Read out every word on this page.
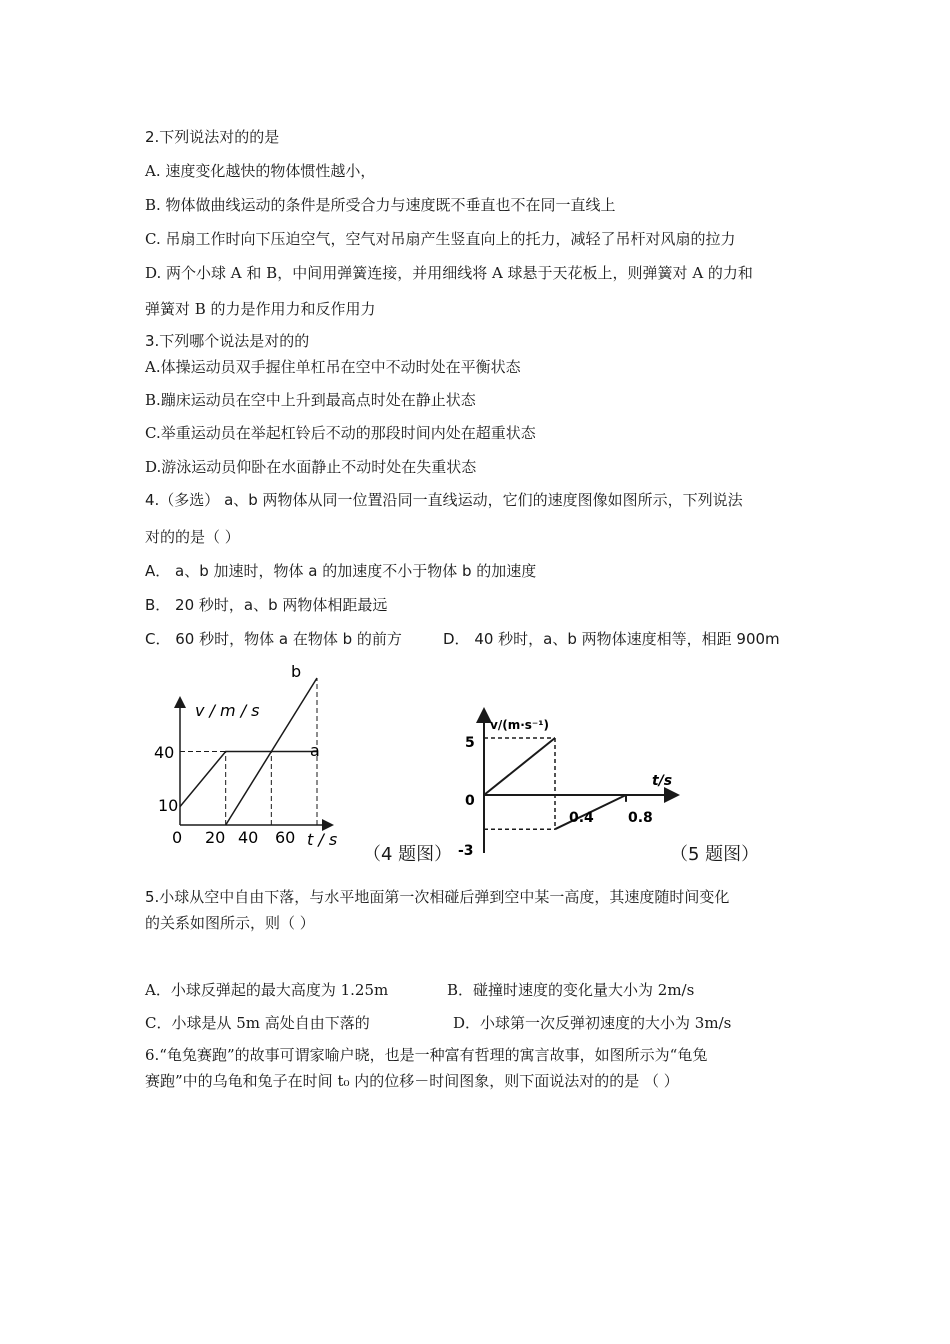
2.下列说法对的的是
A. 速度变化越快的物体惯性越小，
B. 物体做曲线运动的条件是所受合力与速度既不垂直也不在同一直线上
C. 吊扇工作时向下压迫空气，空气对吊扇产生竖直向上的托力，减轻了吊杆对风扇的拉力
D. 两个小球 A 和 B，中间用弹簧连接，并用细线将 A 球悬于天花板上，则弹簧对 A 的力和
弹簧对 B 的力是作用力和反作用力
3.下列哪个说法是对的的
A.体操运动员双手握住单杠吊在空中不动时处在平衡状态
B.蹦床运动员在空中上升到最高点时处在静止状态
C.举重运动员在举起杠铃后不动的那段时间内处在超重状态
D.游泳运动员仰卧在水面静止不动时处在失重状态
4.（多选） a、b 两物体从同一位置沿同一直线运动，它们的速度图像如图所示，下列说法
对的的是（ ）
A． a、b 加速时，物体 a 的加速度不小于物体 b 的加速度
B． 20 秒时，a、b 两物体相距最远
C． 60 秒时，物体 a 在物体 b 的前方	D． 40 秒时，a、b 两物体速度相等，相距 900m
v / m / s
t / s
a
b
40
10
0 20 40 60
（4 题图）
v/(m·s⁻¹)
t/s
5
0
-3
0.4 0.8
（5 题图）
5.小球从空中自由下落，与水平地面第一次相碰后弹到空中某一高度，其速度随时间变化
的关系如图所示，则（ ）
A．小球反弹起的最大高度为 1.25m	B．碰撞时速度的变化量大小为 2m/s
C．小球是从 5m 高处自由下落的	D．小球第一次反弹初速度的大小为 3m/s
6.“龟兔赛跑”的故事可谓家喻户晓，也是一种富有哲理的寓言故事，如图所示为“龟兔
赛跑”中的乌龟和兔子在时间 t₀ 内的位移－时间图象，则下面说法对的的是 （ ）
